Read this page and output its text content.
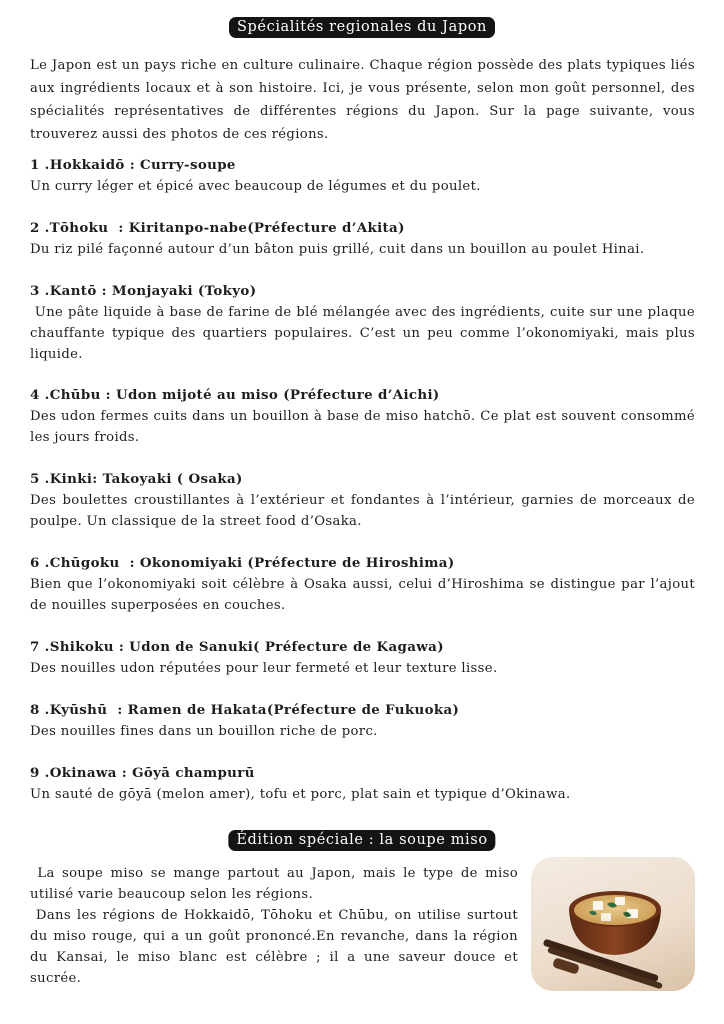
Spécialités regionales du Japon

Le Japon est un pays riche en culture culinaire. Chaque région possède des plats typiques liés aux ingrédients locaux et à son histoire. Ici, je vous présente, selon mon goût personnel, des spécialités représentatives de différentes régions du Japon. Sur la page suivante, vous trouverez aussi des photos de ces régions.

1 .Hokkaidō : Curry-soupe

Un curry léger et épicé avec beaucoup de légumes et du poulet.

2 .Tōhoku  : Kiritanpo-nabe(Préfecture d’Akita)

Du riz pilé façonné autour d’un bâton puis grillé, cuit dans un bouillon au poulet Hinai.

3 .Kantō : Monjayaki (Tokyo)

Une pâte liquide à base de farine de blé mélangée avec des ingrédients, cuite sur une plaque chauffante typique des quartiers populaires. C’est un peu comme l’okonomiyaki, mais plus liquide.

4 .Chūbu : Udon mijoté au miso (Préfecture d’Aichi)

Des udon fermes cuits dans un bouillon à base de miso hatchō. Ce plat est souvent consommé les jours froids.

5 .Kinki: Takoyaki ( Osaka)

Des boulettes croustillantes à l’extérieur et fondantes à l’intérieur, garnies de morceaux de poulpe. Un classique de la street food d’Osaka.

6 .Chūgoku  : Okonomiyaki (Préfecture de Hiroshima)

Bien que l’okonomiyaki soit célèbre à Osaka aussi, celui d’Hiroshima se distingue par l’ajout de nouilles superposées en couches.

7 .Shikoku : Udon de Sanuki( Préfecture de Kagawa)

Des nouilles udon réputées pour leur fermeté et leur texture lisse.

8 .Kyūshū  : Ramen de Hakata(Préfecture de Fukuoka)

Des nouilles fines dans un bouillon riche de porc.

9 .Okinawa : Gōyā champurū

Un sauté de gōyā (melon amer), tofu et porc, plat sain et typique d’Okinawa.

Édition spéciale : la soupe miso

La soupe miso se mange partout au Japon, mais le type de miso utilisé varie beaucoup selon les régions.

Dans les régions de Hokkaidō, Tōhoku et Chūbu, on utilise surtout du miso rouge, qui a un goût prononcé.En revanche, dans la région du Kansai, le miso blanc est célèbre ; il a une saveur douce et sucrée.
